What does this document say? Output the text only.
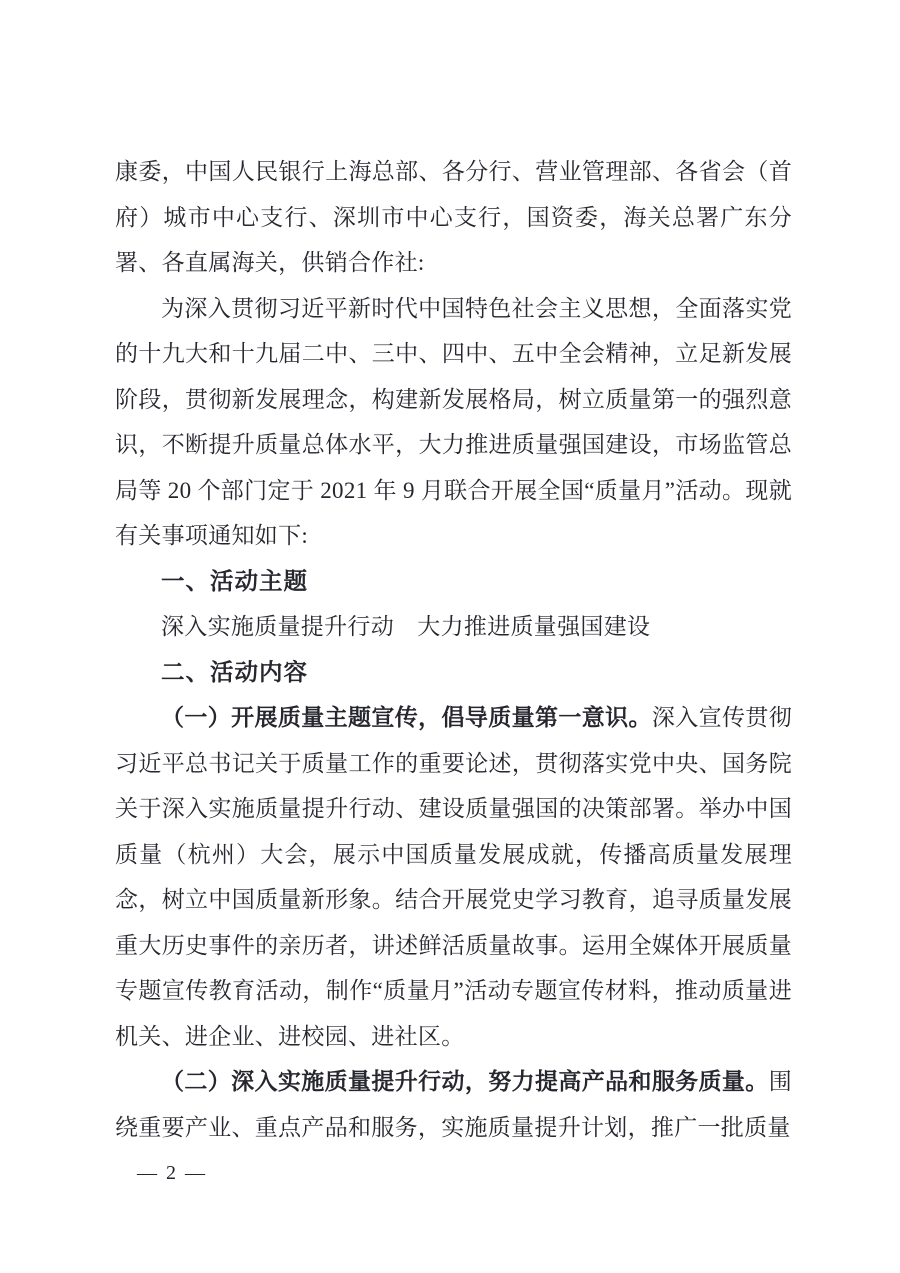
康委，中国人民银行上海总部、各分行、营业管理部、各省会（首府）城市中心支行、深圳市中心支行，国资委，海关总署广东分署、各直属海关，供销合作社:

为深入贯彻习近平新时代中国特色社会主义思想，全面落实党的十九大和十九届二中、三中、四中、五中全会精神，立足新发展阶段，贯彻新发展理念，构建新发展格局，树立质量第一的强烈意识，不断提升质量总体水平，大力推进质量强国建设，市场监管总局等 20 个部门定于 2021 年 9 月联合开展全国“质量月”活动。现就有关事项通知如下:

一、活动主题

深入实施质量提升行动　大力推进质量强国建设

二、活动内容

（一）开展质量主题宣传，倡导质量第一意识。深入宣传贯彻习近平总书记关于质量工作的重要论述，贯彻落实党中央、国务院关于深入实施质量提升行动、建设质量强国的决策部署。举办中国质量（杭州）大会，展示中国质量发展成就，传播高质量发展理念，树立中国质量新形象。结合开展党史学习教育，追寻质量发展重大历史事件的亲历者，讲述鲜活质量故事。运用全媒体开展质量专题宣传教育活动，制作“质量月”活动专题宣传材料，推动质量进机关、进企业、进校园、进社区。

（二）深入实施质量提升行动，努力提高产品和服务质量。围绕重要产业、重点产品和服务，实施质量提升计划，推广一批质量

— 2 —
